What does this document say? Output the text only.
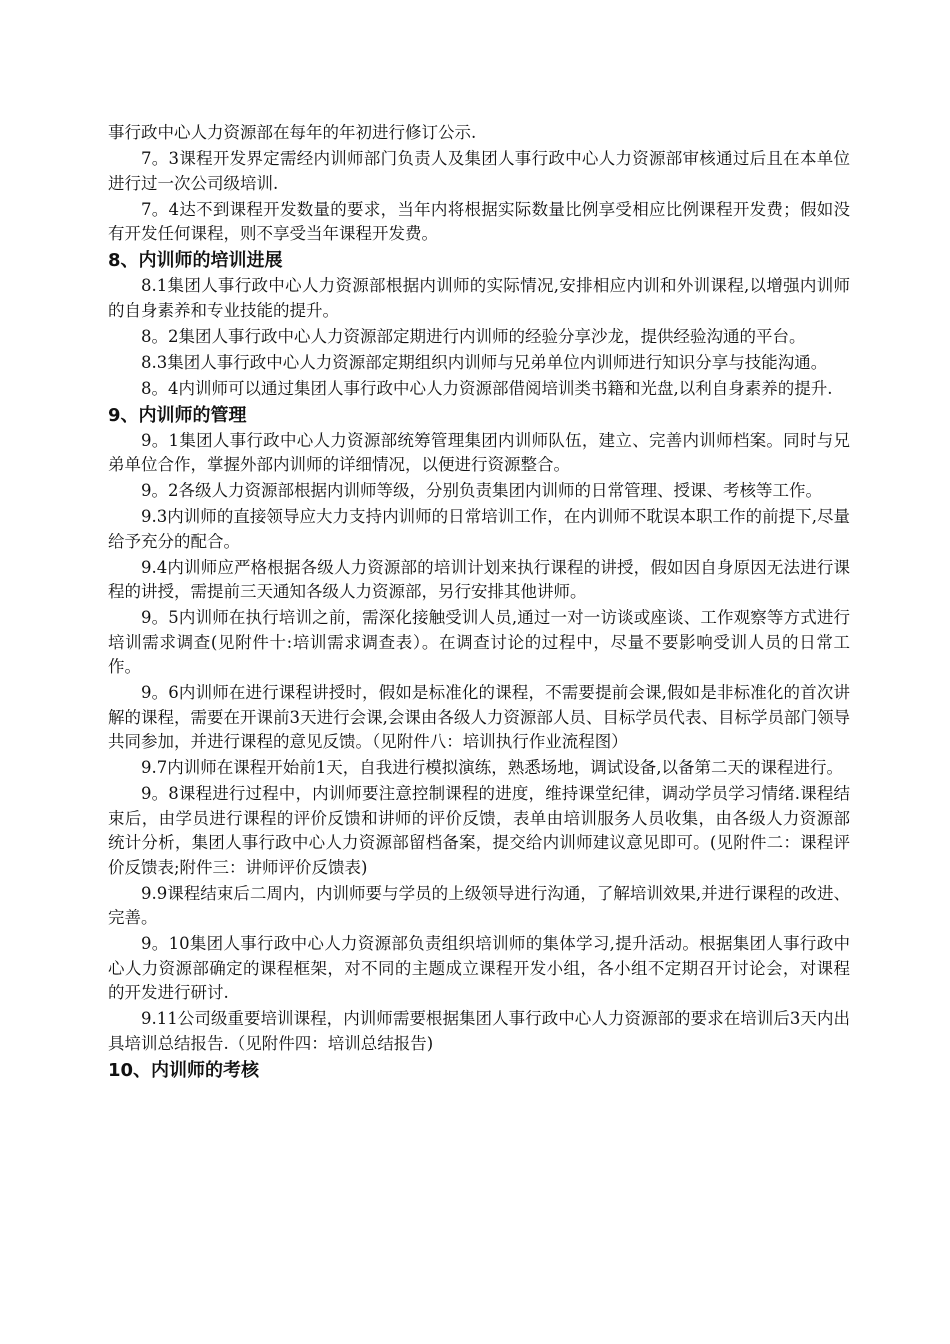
事行政中心人力资源部在每年的年初进行修订公示.

7。3课程开发界定需经内训师部门负责人及集团人事行政中心人力资源部审核通过后且在本单位进行过一次公司级培训.

7。4达不到课程开发数量的要求，当年内将根据实际数量比例享受相应比例课程开发费；假如没有开发任何课程，则不享受当年课程开发费。

8、内训师的培训进展

8.1集团人事行政中心人力资源部根据内训师的实际情况,安排相应内训和外训课程,以增强内训师的自身素养和专业技能的提升。

8。2集团人事行政中心人力资源部定期进行内训师的经验分享沙龙，提供经验沟通的平台。

8.3集团人事行政中心人力资源部定期组织内训师与兄弟单位内训师进行知识分享与技能沟通。

8。4内训师可以通过集团人事行政中心人力资源部借阅培训类书籍和光盘,以利自身素养的提升.

9、内训师的管理

9。1集团人事行政中心人力资源部统筹管理集团内训师队伍，建立、完善内训师档案。同时与兄弟单位合作，掌握外部内训师的详细情况，以便进行资源整合。

9。2各级人力资源部根据内训师等级，分别负责集团内训师的日常管理、授课、考核等工作。

9.3内训师的直接领导应大力支持内训师的日常培训工作，在内训师不耽误本职工作的前提下,尽量给予充分的配合。

9.4内训师应严格根据各级人力资源部的培训计划来执行课程的讲授，假如因自身原因无法进行课程的讲授，需提前三天通知各级人力资源部，另行安排其他讲师。

9。5内训师在执行培训之前，需深化接触受训人员,通过一对一访谈或座谈、工作观察等方式进行培训需求调查(见附件十:培训需求调查表）。在调查讨论的过程中，尽量不要影响受训人员的日常工作。

9。6内训师在进行课程讲授时，假如是标准化的课程，不需要提前会课,假如是非标准化的首次讲解的课程，需要在开课前3天进行会课,会课由各级人力资源部人员、目标学员代表、目标学员部门领导共同参加，并进行课程的意见反馈。（见附件八：培训执行作业流程图）

9.7内训师在课程开始前1天，自我进行模拟演练，熟悉场地，调试设备,以备第二天的课程进行。

9。8课程进行过程中，内训师要注意控制课程的进度，维持课堂纪律，调动学员学习情绪.课程结束后，由学员进行课程的评价反馈和讲师的评价反馈，表单由培训服务人员收集，由各级人力资源部统计分析，集团人事行政中心人力资源部留档备案，提交给内训师建议意见即可。(见附件二：课程评价反馈表;附件三：讲师评价反馈表)

9.9课程结束后二周内，内训师要与学员的上级领导进行沟通，了解培训效果,并进行课程的改进、完善。

9。10集团人事行政中心人力资源部负责组织培训师的集体学习,提升活动。根据集团人事行政中心人力资源部确定的课程框架，对不同的主题成立课程开发小组，各小组不定期召开讨论会，对课程的开发进行研讨.

9.11公司级重要培训课程，内训师需要根据集团人事行政中心人力资源部的要求在培训后3天内出具培训总结报告.（见附件四：培训总结报告)

10、内训师的考核
